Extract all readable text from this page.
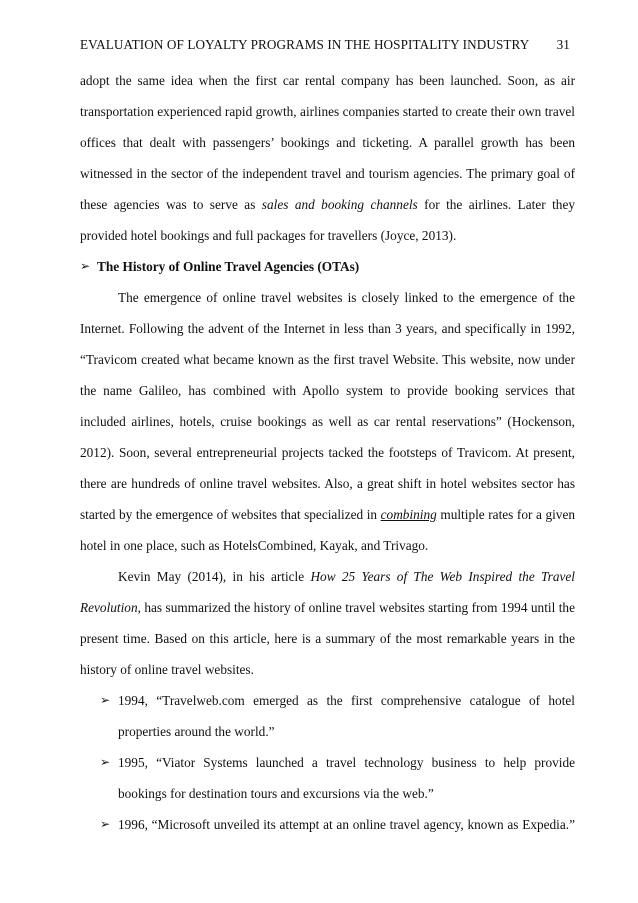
EVALUATION OF LOYALTY PROGRAMS IN THE HOSPITALITY INDUSTRY 31
adopt the same idea when the first car rental company has been launched. Soon, as air
transportation experienced rapid growth, airlines companies started to create their own travel
offices that dealt with passengers’ bookings and ticketing. A parallel growth has been
witnessed in the sector of the independent travel and tourism agencies. The primary goal of
these agencies was to serve as sales and booking channels for the airlines. Later they
provided hotel bookings and full packages for travellers (Joyce, 2013).
➢ The History of Online Travel Agencies (OTAs)
The emergence of online travel websites is closely linked to the emergence of the
Internet. Following the advent of the Internet in less than 3 years, and specifically in 1992,
“Travicom created what became known as the first travel Website. This website, now under
the name Galileo, has combined with Apollo system to provide booking services that
included airlines, hotels, cruise bookings as well as car rental reservations” (Hockenson,
2012). Soon, several entrepreneurial projects tacked the footsteps of Travicom. At present,
there are hundreds of online travel websites. Also, a great shift in hotel websites sector has
started by the emergence of websites that specialized in combining multiple rates for a given
hotel in one place, such as HotelsCombined, Kayak, and Trivago.
Kevin May (2014), in his article How 25 Years of The Web Inspired the Travel
Revolution, has summarized the history of online travel websites starting from 1994 until the
present time. Based on this article, here is a summary of the most remarkable years in the
history of online travel websites.
➢ 1994, “Travelweb.com emerged as the first comprehensive catalogue of hotel
properties around the world.”
➢ 1995, “Viator Systems launched a travel technology business to help provide
bookings for destination tours and excursions via the web.”
➢ 1996, “Microsoft unveiled its attempt at an online travel agency, known as Expedia.”
